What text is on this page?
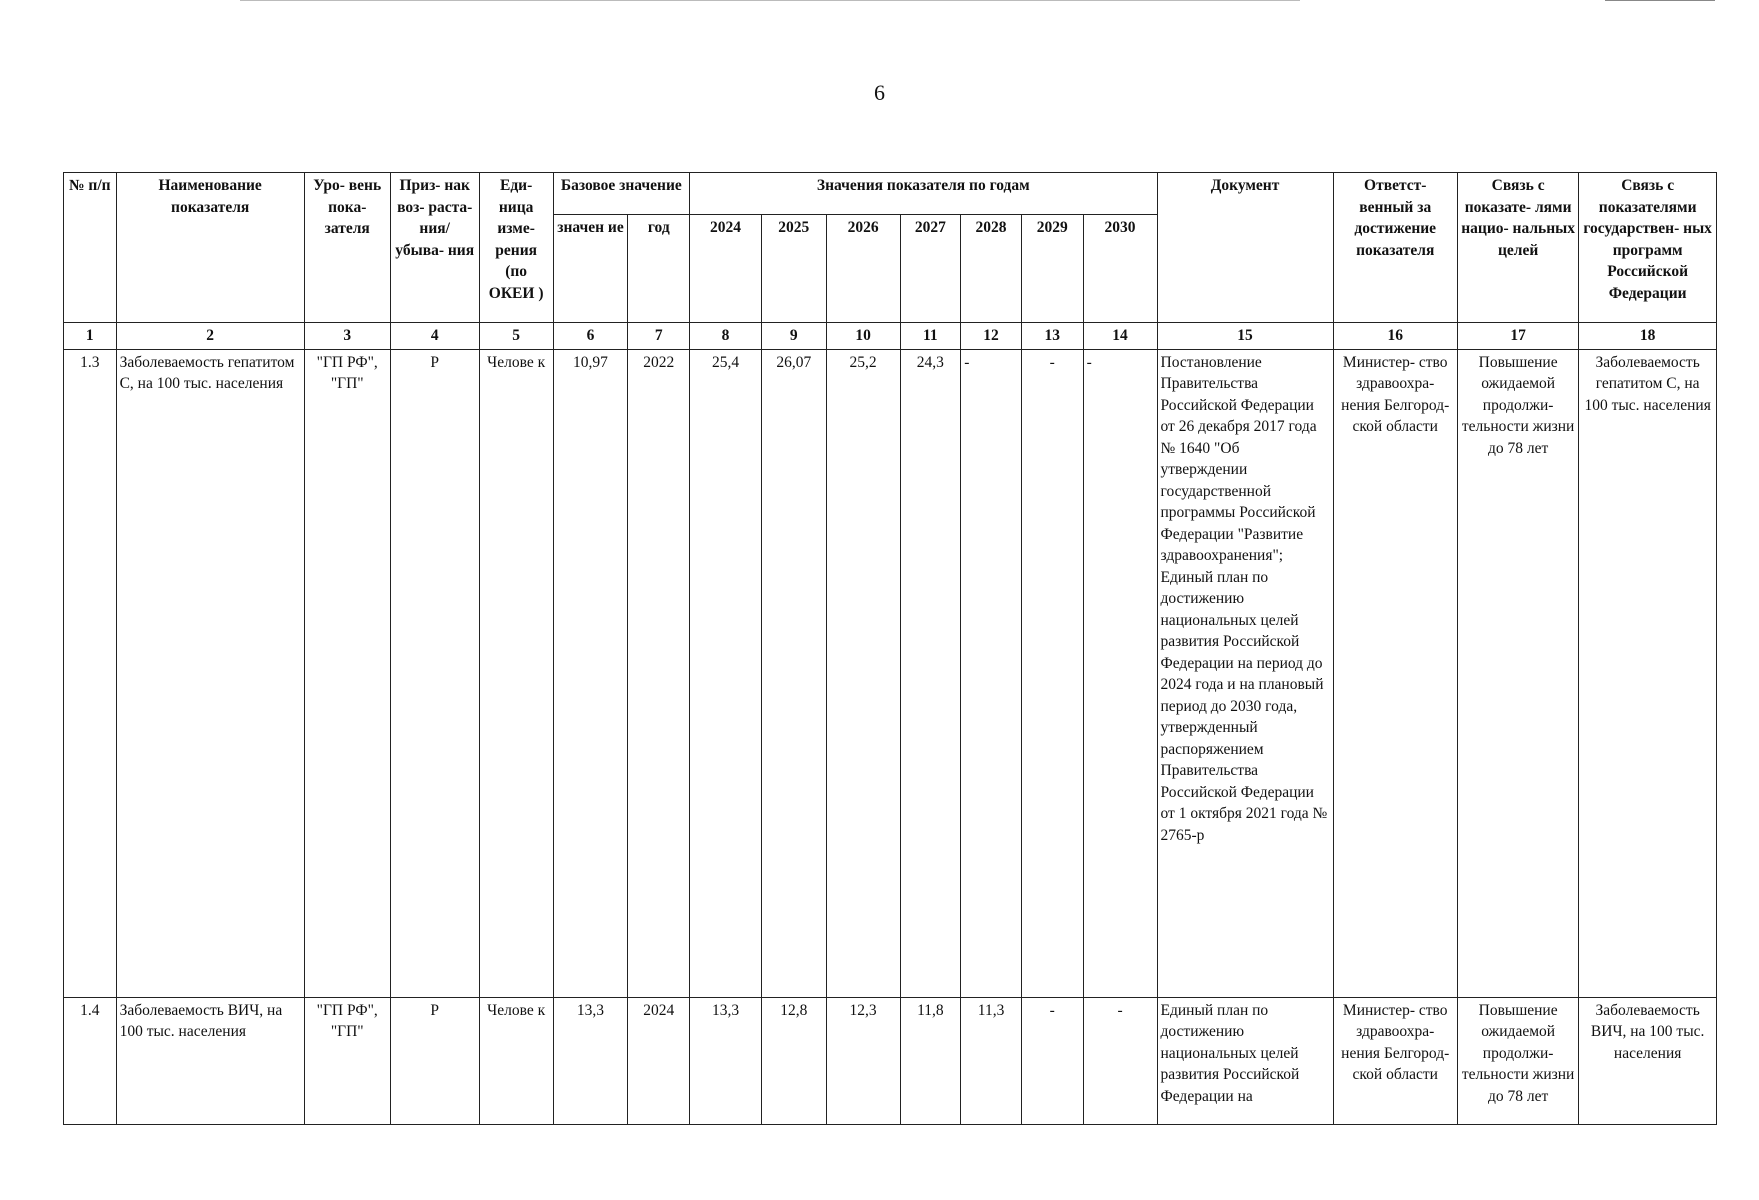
6
№ п/п	Наименование показателя	Уро- вень пока- зателя	Приз- нак воз- раста- ния/ убыва- ния	Еди- ница изме- рения (по ОКЕИ )	Базовое значение		Значения показателя по годам							Документ	Ответст- венный за достижение показателя	Связь с показате- лями нацио- нальных целей	Связь с показателями государствен- ных программ Российской Федерации
					значен ие	год	2024	2025	2026	2027	2028	2029	2030				
1	2	3	4	5	6	7	8	9	10	11	12	13	14	15	16	17	18
1.3	Заболеваемость гепатитом С, на 100 тыс. населения	"ГП РФ", "ГП"	Р	Челове к	10,97	2022	25,4	26,07	25,2	24,3	-	-	-	Постановление Правительства Российской Федерации от 26 декабря 2017 года № 1640 "Об утверждении государственной программы Российской Федерации "Развитие здравоохранения"; Единый план по достижению национальных целей развития Российской Федерации на период до 2024 года и на плановый период до 2030 года, утвержденный распоряжением Правительства Российской Федерации от 1 октября 2021 года № 2765-р	Министер- ство здравоохра- нения Белгород- ской области	Повышение ожидаемой продолжи- тельности жизни до 78 лет	Заболеваемость гепатитом С, на 100 тыс. населения
1.4	Заболеваемость ВИЧ, на 100 тыс. населения	"ГП РФ", "ГП"	Р	Челове к	13,3	2024	13,3	12,8	12,3	11,8	11,3	-	-	Единый план по достижению национальных целей развития Российской Федерации на	Министер- ство здравоохра- нения Белгород- ской области	Повышение ожидаемой продолжи- тельности жизни до 78 лет	Заболеваемость ВИЧ, на 100 тыс. населения
